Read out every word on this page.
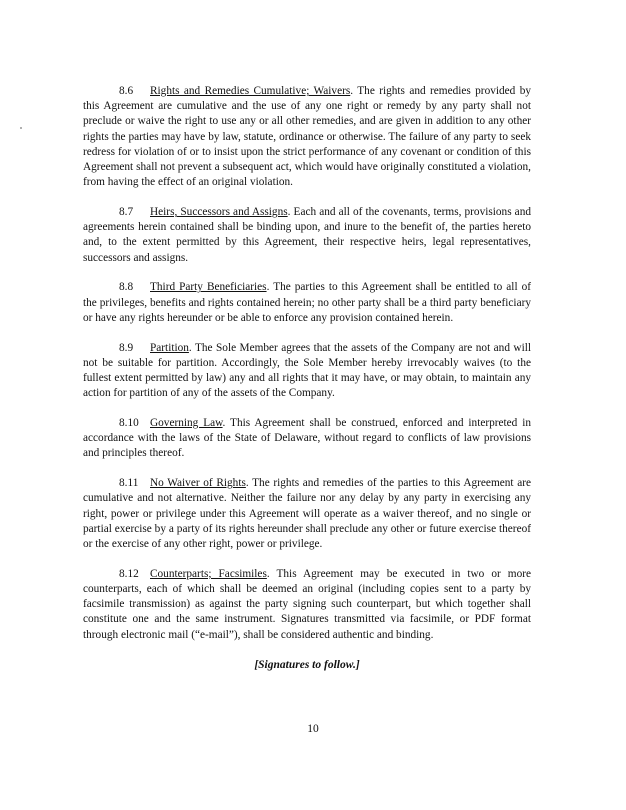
8.6 Rights and Remedies Cumulative; Waivers. The rights and remedies provided by this Agreement are cumulative and the use of any one right or remedy by any party shall not preclude or waive the right to use any or all other remedies, and are given in addition to any other rights the parties may have by law, statute, ordinance or otherwise. The failure of any party to seek redress for violation of or to insist upon the strict performance of any covenant or condition of this Agreement shall not prevent a subsequent act, which would have originally constituted a violation, from having the effect of an original violation.

8.7 Heirs, Successors and Assigns. Each and all of the covenants, terms, provisions and agreements herein contained shall be binding upon, and inure to the benefit of, the parties hereto and, to the extent permitted by this Agreement, their respective heirs, legal representatives, successors and assigns.

8.8 Third Party Beneficiaries. The parties to this Agreement shall be entitled to all of the privileges, benefits and rights contained herein; no other party shall be a third party beneficiary or have any rights hereunder or be able to enforce any provision contained herein.

8.9 Partition. The Sole Member agrees that the assets of the Company are not and will not be suitable for partition. Accordingly, the Sole Member hereby irrevocably waives (to the fullest extent permitted by law) any and all rights that it may have, or may obtain, to maintain any action for partition of any of the assets of the Company.

8.10 Governing Law. This Agreement shall be construed, enforced and interpreted in accordance with the laws of the State of Delaware, without regard to conflicts of law provisions and principles thereof.

8.11 No Waiver of Rights. The rights and remedies of the parties to this Agreement are cumulative and not alternative. Neither the failure nor any delay by any party in exercising any right, power or privilege under this Agreement will operate as a waiver thereof, and no single or partial exercise by a party of its rights hereunder shall preclude any other or future exercise thereof or the exercise of any other right, power or privilege.

8.12 Counterparts; Facsimiles. This Agreement may be executed in two or more counterparts, each of which shall be deemed an original (including copies sent to a party by facsimile transmission) as against the party signing such counterpart, but which together shall constitute one and the same instrument. Signatures transmitted via facsimile, or PDF format through electronic mail (“e-mail”), shall be considered authentic and binding.

[Signatures to follow.]
10
